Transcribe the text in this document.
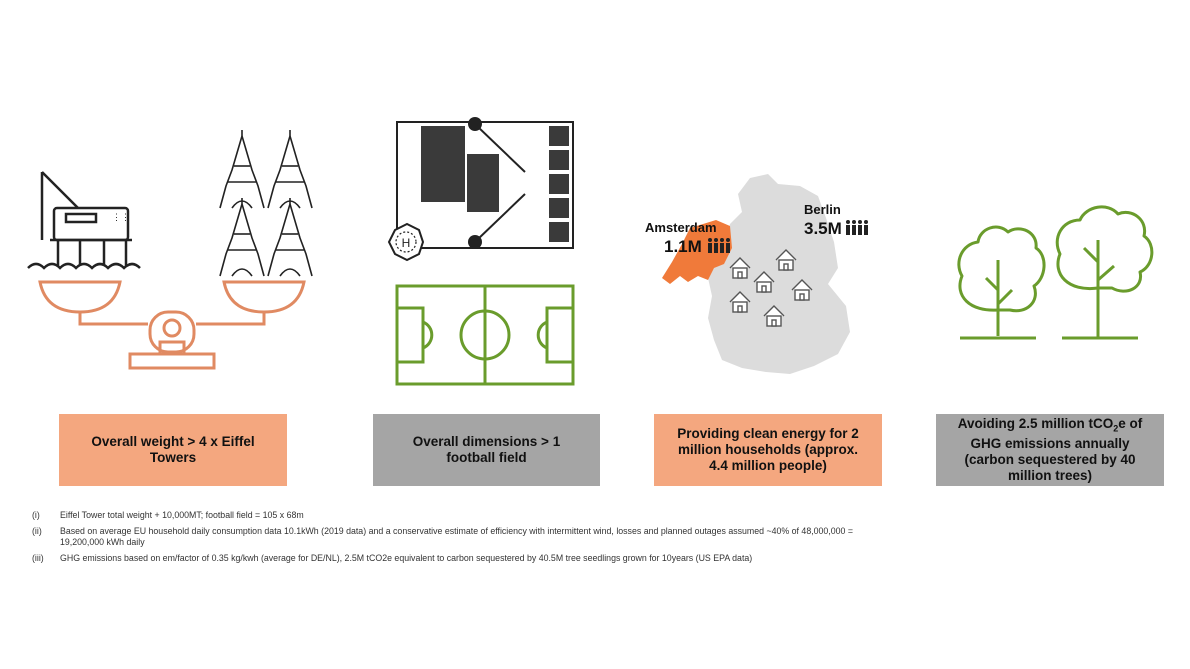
⋮⋮
H
Amsterdam
1.1M
Berlin
3.5M
Overall weight > 4 x Eiffel Towers
Overall dimensions > 1 football field
Providing clean energy for 2 million households (approx. 4.4 million people)
Avoiding 2.5 million tCO$_2$e of GHG emissions annually (carbon sequestered by 40 million trees)
(i)	Eiffel Tower total weight + 10,000MT; football field = 105 x 68m
(ii)	Based on average EU household daily consumption data 10.1kWh (2019 data) and a conservative estimate of efficiency with intermittent wind, losses and planned outages assumed ~40% of 48,000,000 = 19,200,000 kWh daily
(iii)	GHG emissions based on em/factor of 0.35 kg/kwh (average for DE/NL), 2.5M tCO2e equivalent to carbon sequestered by 40.5M tree seedlings grown for 10years (US EPA data)
